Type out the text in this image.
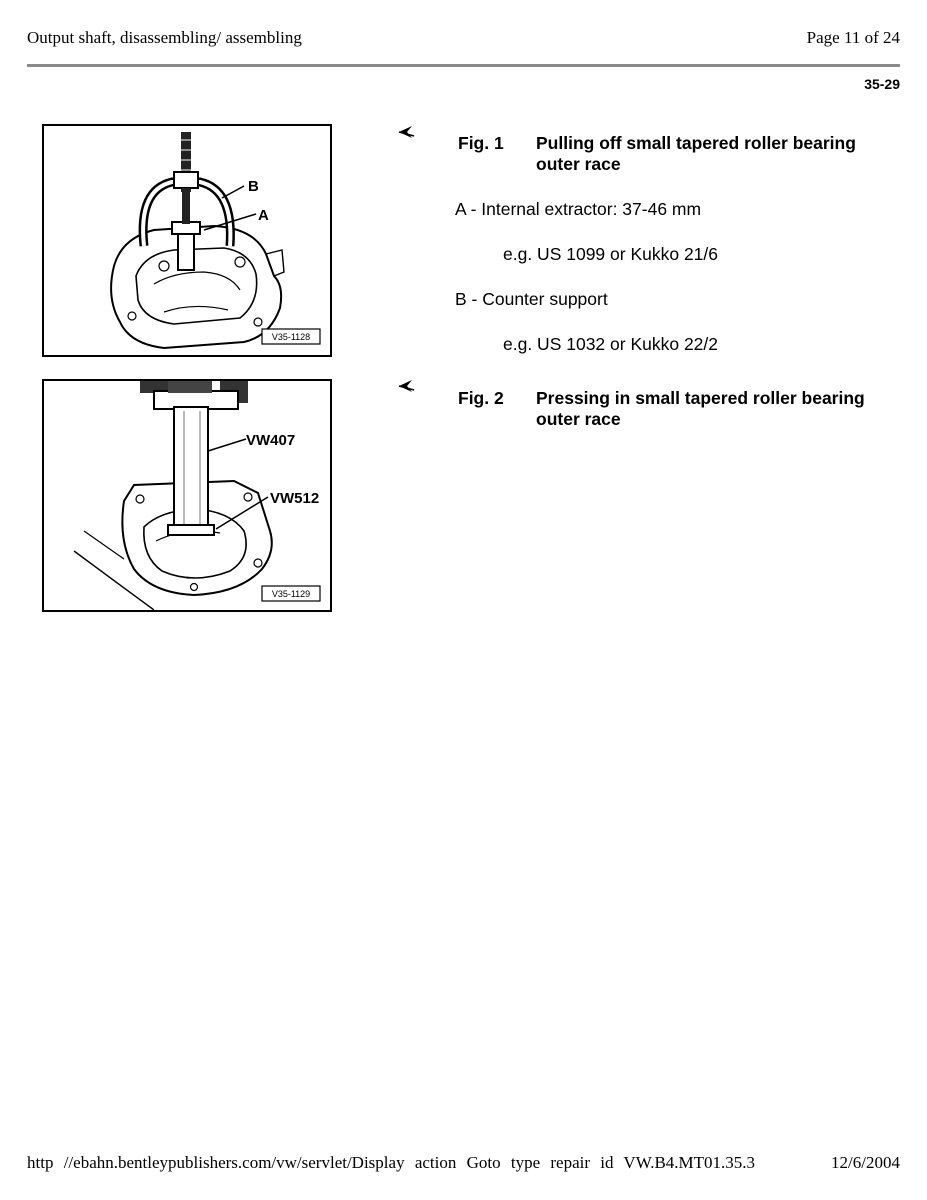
Output shaft, disassembling/ assembling	Page 11 of 24
35-29
B
A
V35-1128
VW407
VW512
V35-1129
Fig. 1 Pulling off small tapered roller bearing outer race
A - Internal extractor: 37-46 mm
e.g. US 1099 or Kukko 21/6
B - Counter support
e.g. US 1032 or Kukko 22/2
Fig. 2 Pressing in small tapered roller bearing outer race
http //ebahn.bentleypublishers.com/vw/servlet/Display action Goto type repair id VW.B4.MT01.35.3	12/6/2004
